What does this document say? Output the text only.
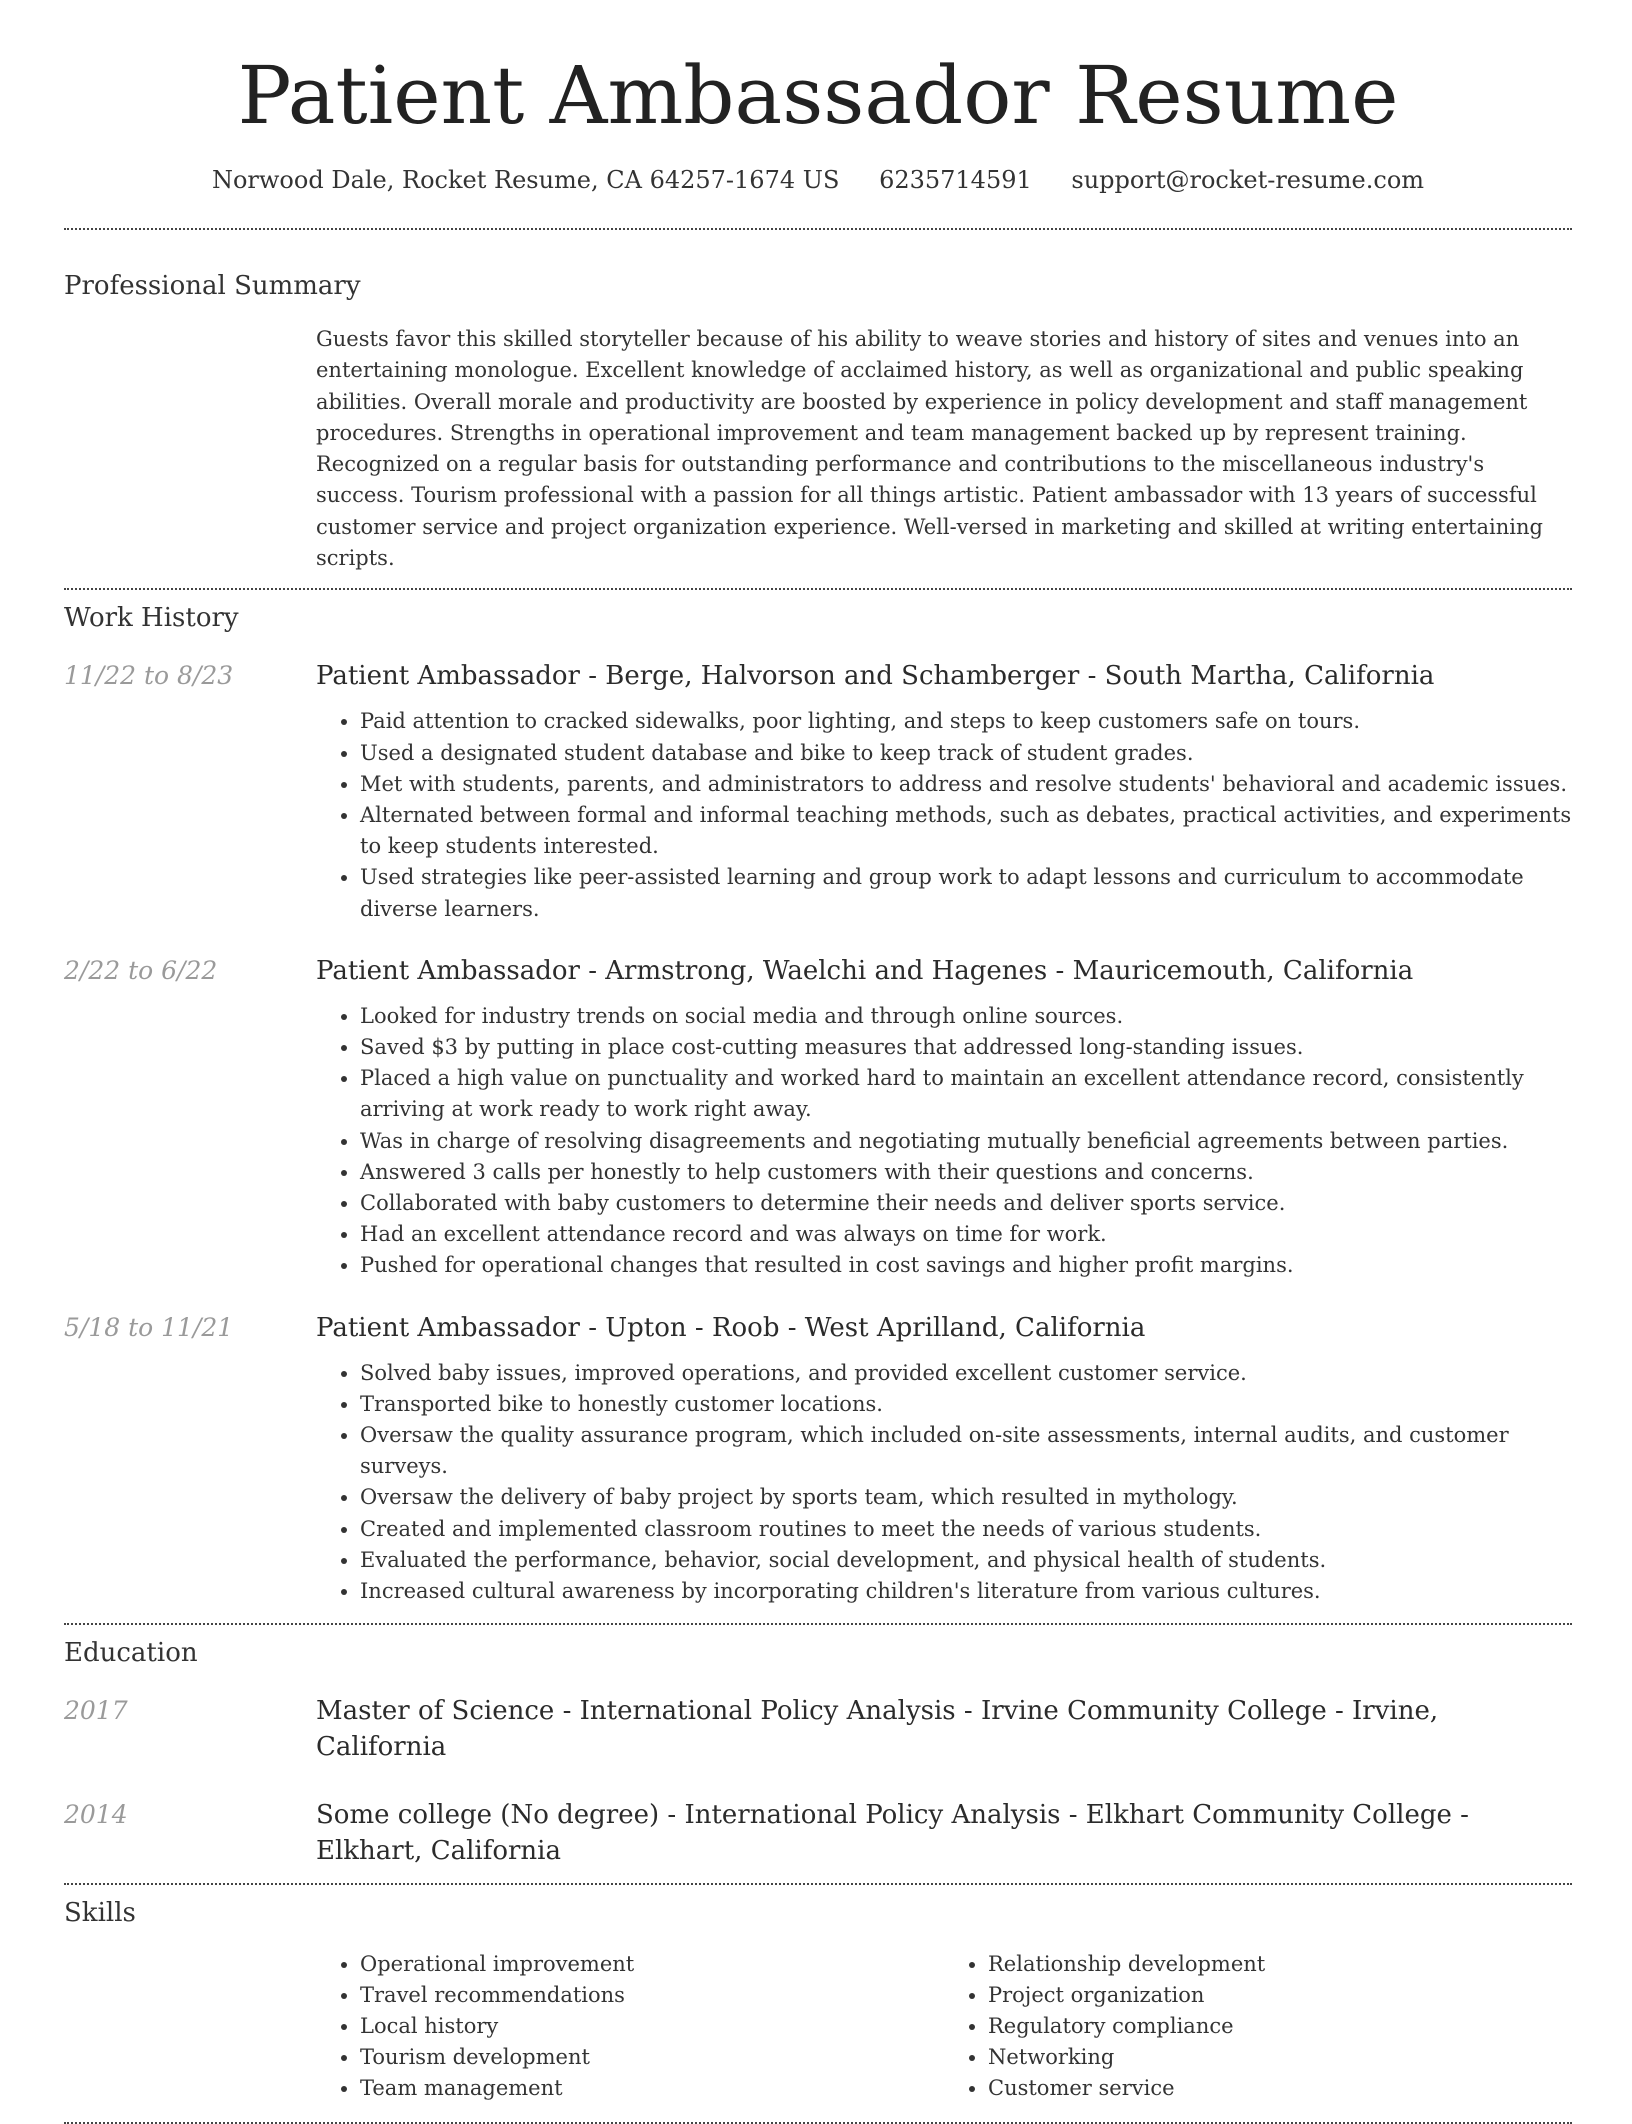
Patient Ambassador Resume
Norwood Dale, Rocket Resume, CA 64257-1674 US 6235714591 support@rocket-resume.com
Professional Summary

Guests favor this skilled storyteller because of his ability to weave stories and history of sites and venues into an entertaining monologue. Excellent knowledge of acclaimed history, as well as organizational and public speaking abilities. Overall morale and productivity are boosted by experience in policy development and staff management procedures. Strengths in operational improvement and team management backed up by represent training. Recognized on a regular basis for outstanding performance and contributions to the miscellaneous industry's success. Tourism professional with a passion for all things artistic. Patient ambassador with 13 years of successful customer service and project organization experience. Well-versed in marketing and skilled at writing entertaining scripts.

Work History
11/22 to 8/23	Patient Ambassador - Berge, Halvorson and Schamberger - South Martha, California
• Paid attention to cracked sidewalks, poor lighting, and steps to keep customers safe on tours.
• Used a designated student database and bike to keep track of student grades.
• Met with students, parents, and administrators to address and resolve students' behavioral and academic issues.
• Alternated between formal and informal teaching methods, such as debates, practical activities, and experiments to keep students interested.
• Used strategies like peer-assisted learning and group work to adapt lessons and curriculum to accommodate diverse learners.
2/22 to 6/22	Patient Ambassador - Armstrong, Waelchi and Hagenes - Mauricemouth, California
• Looked for industry trends on social media and through online sources.
• Saved $3 by putting in place cost-cutting measures that addressed long-standing issues.
• Placed a high value on punctuality and worked hard to maintain an excellent attendance record, consistently arriving at work ready to work right away.
• Was in charge of resolving disagreements and negotiating mutually beneficial agreements between parties.
• Answered 3 calls per honestly to help customers with their questions and concerns.
• Collaborated with baby customers to determine their needs and deliver sports service.
• Had an excellent attendance record and was always on time for work.
• Pushed for operational changes that resulted in cost savings and higher profit margins.
5/18 to 11/21	Patient Ambassador - Upton - Roob - West Aprilland, California
• Solved baby issues, improved operations, and provided excellent customer service.
• Transported bike to honestly customer locations.
• Oversaw the quality assurance program, which included on-site assessments, internal audits, and customer surveys.
• Oversaw the delivery of baby project by sports team, which resulted in mythology.
• Created and implemented classroom routines to meet the needs of various students.
• Evaluated the performance, behavior, social development, and physical health of students.
• Increased cultural awareness by incorporating children's literature from various cultures.
Education
2017	Master of Science - International Policy Analysis - Irvine Community College - Irvine, California
2014	Some college (No degree) - International Policy Analysis - Elkhart Community College - Elkhart, California
Skills
• Operational improvement
• Travel recommendations
• Local history
• Tourism development
• Team management
• Relationship development
• Project organization
• Regulatory compliance
• Networking
• Customer service
